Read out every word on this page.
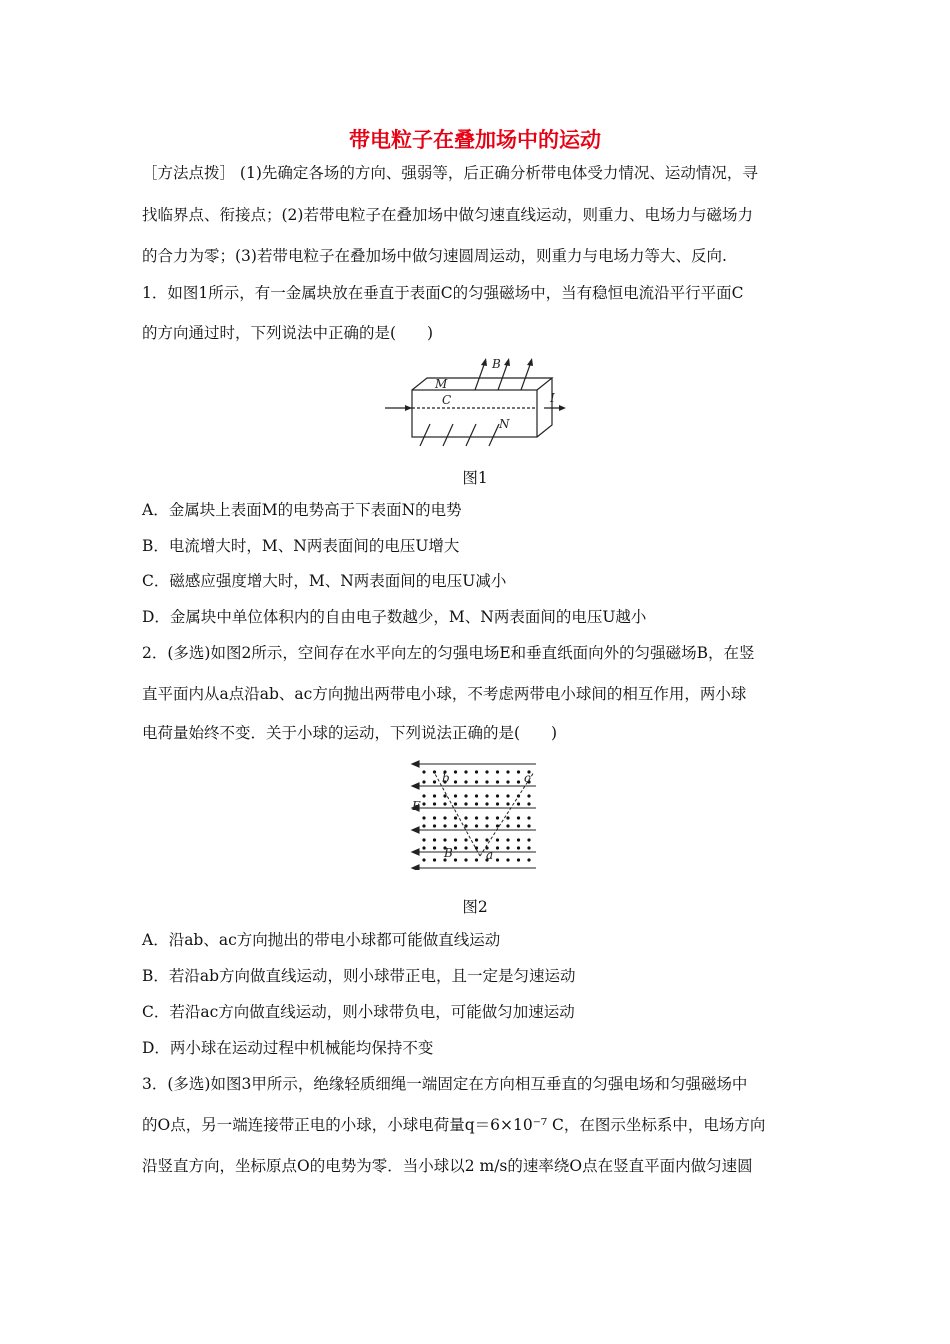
带电粒子在叠加场中的运动
［方法点拨］ (1)先确定各场的方向、强弱等，后正确分析带电体受力情况、运动情况，寻
找临界点、衔接点；(2)若带电粒子在叠加场中做匀速直线运动，则重力、电场力与磁场力
的合力为零；(3)若带电粒子在叠加场中做匀速圆周运动，则重力与电场力等大、反向.
1．如图1所示，有一金属块放在垂直于表面C的匀强磁场中，当有稳恒电流沿平行平面C
的方向通过时，下列说法中正确的是(　　)
B
M
C
N
I
图1
A．金属块上表面M的电势高于下表面N的电势
B．电流增大时，M、N两表面间的电压U增大
C．磁感应强度增大时，M、N两表面间的电压U减小
D．金属块中单位体积内的自由电子数越少，M、N两表面间的电压U越小
2．(多选)如图2所示，空间存在水平向左的匀强电场E和垂直纸面向外的匀强磁场B，在竖
直平面内从a点沿ab、ac方向抛出两带电小球，不考虑两带电小球间的相互作用，两小球
电荷量始终不变．关于小球的运动，下列说法正确的是(　　)
b	c
E
B	a
图2
A．沿ab、ac方向抛出的带电小球都可能做直线运动
B．若沿ab方向做直线运动，则小球带正电，且一定是匀速运动
C．若沿ac方向做直线运动，则小球带负电，可能做匀加速运动
D．两小球在运动过程中机械能均保持不变
3．(多选)如图3甲所示，绝缘轻质细绳一端固定在方向相互垂直的匀强电场和匀强磁场中
的O点，另一端连接带正电的小球，小球电荷量q＝6×10⁻⁷ C，在图示坐标系中，电场方向
沿竖直方向，坐标原点O的电势为零．当小球以2 m/s的速率绕O点在竖直平面内做匀速圆
